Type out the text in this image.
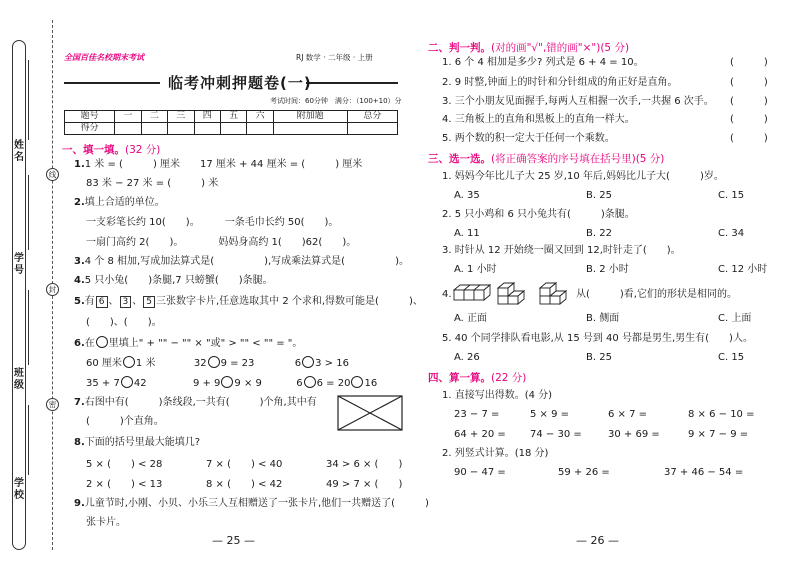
姓名
学号
班级
学校
线
封
密
全国百佳名校期末考试	RJ 数学 · 二年级 · 上册
临考冲刺押题卷(一)
考试时间：60分钟　满分：（100+10）分
题号	一	二	三	四	五	六	附加题	总分
得分								
一、填一填。(32 分)
1.1 米 = (　　　) 厘米　　17 厘米 + 44 厘米 = (　　　) 厘米
83 米 − 27 米 = (　　　) 米
2.填上合适的单位。
一支彩笔长约 10(　　)。　　　一条毛巾长约 50(　　)。
一扇门高约 2(　　)。　　　　妈妈身高约 1(　　)62(　　)。
3.4 个 8 相加,写成加法算式是(　　　　　),写成乘法算式是(　　　　　)。
4.5 只小兔(　　)条腿,7 只螃蟹(　　)条腿。
5.有 6 、 3 、 5 三张数字卡片,任意选取其中 2 个求和,得数可能是(　　　)、
(　　)、(　　)。
6.在 里填上" + "" − "" × "或" > "" < "" = "。
60 厘米 1 米	32 9 = 23	6 3 > 16
35 + 7 42	9 + 9 9 × 9	6 6 = 20 16
7.右图中有(　　　)条线段,一共有(　　　)个角,其中有
(　　　)个直角。
8.下面的括号里最大能填几?
5 × (　　) < 28	7 × (　　) < 40	34 > 6 × (　　)
2 × (　　) < 13	8 × (　　) < 42	49 > 7 × (　　)
9.儿童节时,小刚、小贝、小乐三人互相赠送了一张卡片,他们一共赠送了(　　　)
张卡片。
— 25 —
二、判一判。(对的画"√",错的画"×")(5 分)
1. 6 个 4 相加是多少? 列式是 6 + 4 = 10。	(　　　)
2. 9 时整,钟面上的时针和分针组成的角正好是直角。	(　　　)
3. 三个小朋友见面握手,每两人互相握一次手,一共握 6 次手。 (　　　)
4. 三角板上的直角和黑板上的直角一样大。	(　　　)
5. 两个数的积一定大于任何一个乘数。	(　　　)
三、选一选。(将正确答案的序号填在括号里)(5 分)
1. 妈妈今年比儿子大 25 岁,10 年后,妈妈比儿子大(　　　)岁。
A. 35	B. 25	C. 15
2. 5 只小鸡和 6 只小兔共有(　　　)条腿。
A. 11	B. 22	C. 34
3. 时针从 12 开始绕一圈又回到 12,时针走了(　　)。
A. 1 小时	B. 2 小时	C. 12 小时
4.	从(　　　)看,它们的形状是相同的。
A. 正面	B. 侧面	C. 上面
5. 40 个同学排队看电影,从 15 号到 40 号都是男生,男生有(　　)人。
A. 26	B. 25	C. 15
四、算一算。(22 分)
1. 直接写出得数。(4 分)
23 − 7 =	5 × 9 =	6 × 7 =	8 × 6 − 10 =
64 + 20 = 74 − 30 =	30 + 69 =	9 × 7 − 9 =
2. 列竖式计算。(18 分)
90 − 47 =	59 + 26 =	37 + 46 − 54 =
— 26 —
